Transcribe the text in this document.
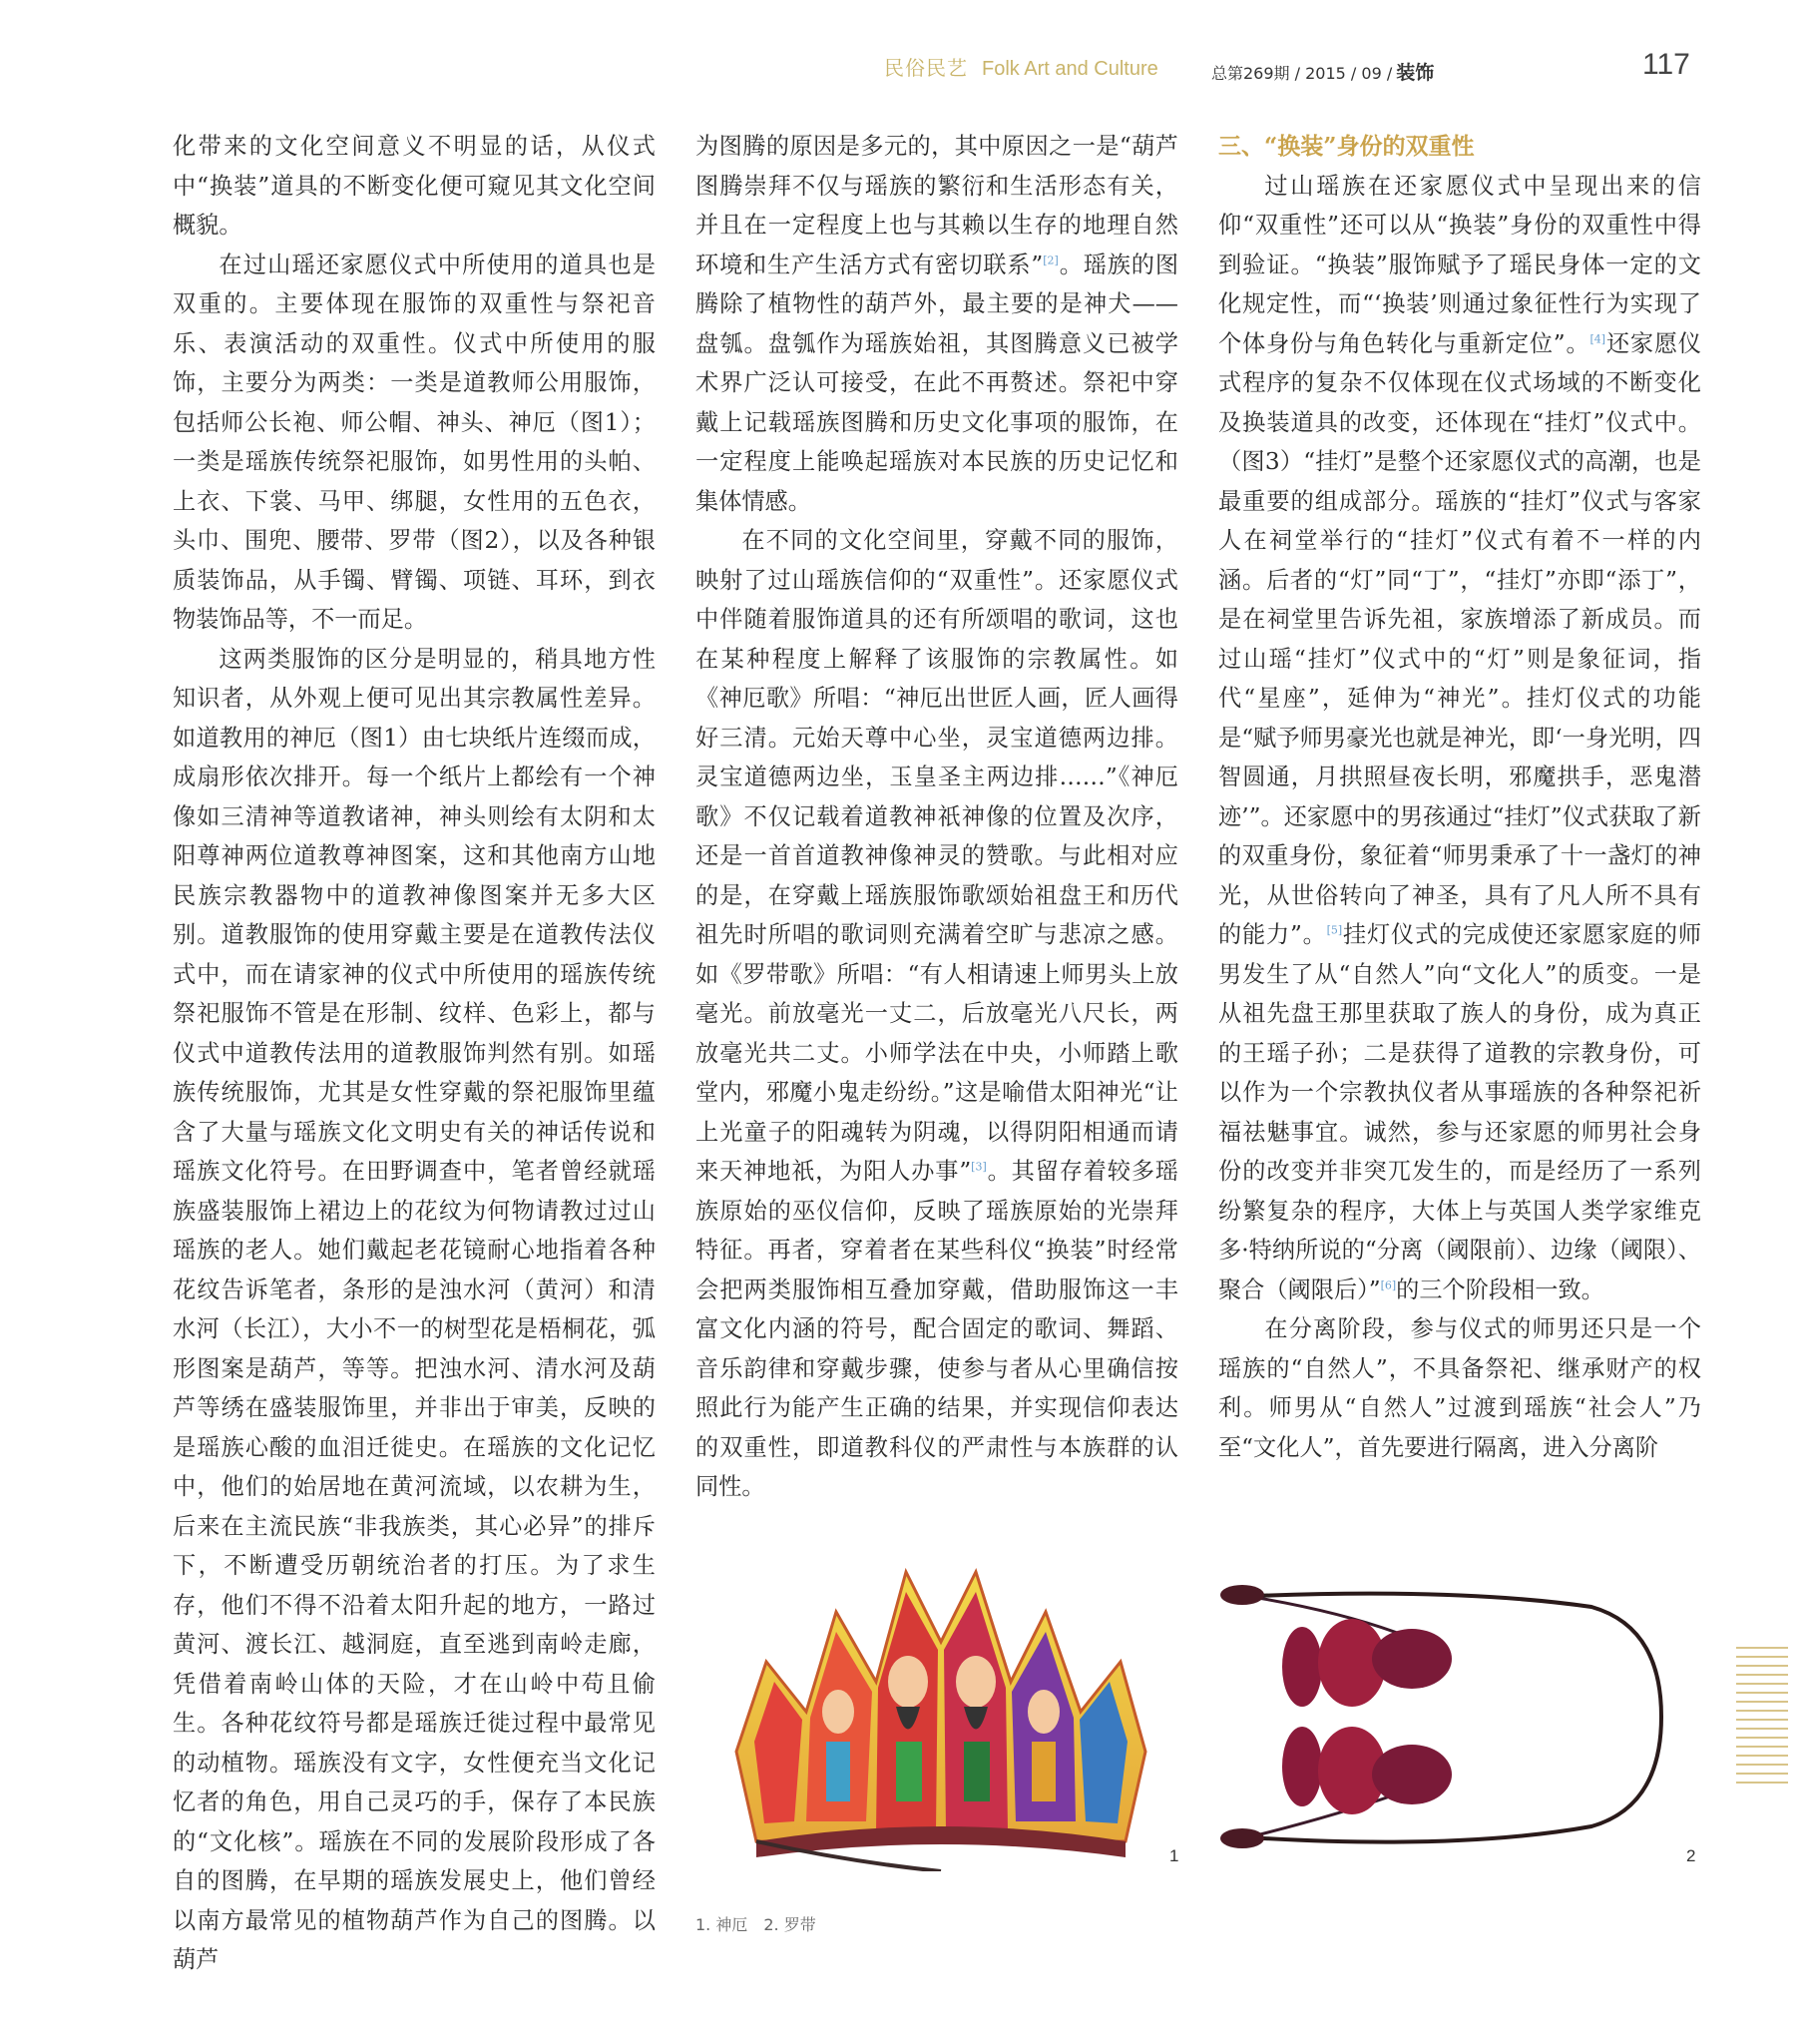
民俗民艺 Folk Art and Culture	总第269期 / 2015 / 09 / 装饰	117

化带来的文化空间意义不明显的话，从仪式中“换装”道具的不断变化便可窥见其文化空间概貌。

在过山瑶还家愿仪式中所使用的道具也是双重的。主要体现在服饰的双重性与祭祀音乐、表演活动的双重性。仪式中所使用的服饰，主要分为两类：一类是道教师公用服饰，包括师公长袍、师公帽、神头、神厄（图1）；一类是瑶族传统祭祀服饰，如男性用的头帕、上衣、下裳、马甲、绑腿，女性用的五色衣，头巾、围兜、腰带、罗带（图2），以及各种银质装饰品，从手镯、臂镯、项链、耳环，到衣物装饰品等，不一而足。

这两类服饰的区分是明显的，稍具地方性知识者，从外观上便可见出其宗教属性差异。如道教用的神厄（图1）由七块纸片连缀而成，成扇形依次排开。每一个纸片上都绘有一个神像如三清神等道教诸神，神头则绘有太阴和太阳尊神两位道教尊神图案，这和其他南方山地民族宗教器物中的道教神像图案并无多大区别。道教服饰的使用穿戴主要是在道教传法仪式中，而在请家神的仪式中所使用的瑶族传统祭祀服饰不管是在形制、纹样、色彩上，都与仪式中道教传法用的道教服饰判然有别。如瑶族传统服饰，尤其是女性穿戴的祭祀服饰里蕴含了大量与瑶族文化文明史有关的神话传说和瑶族文化符号。在田野调查中，笔者曾经就瑶族盛装服饰上裙边上的花纹为何物请教过过山瑶族的老人。她们戴起老花镜耐心地指着各种花纹告诉笔者，条形的是浊水河（黄河）和清水河（长江），大小不一的树型花是梧桐花，弧形图案是葫芦，等等。把浊水河、清水河及葫芦等绣在盛装服饰里，并非出于审美，反映的是瑶族心酸的血泪迁徙史。在瑶族的文化记忆中，他们的始居地在黄河流域，以农耕为生，后来在主流民族“非我族类，其心必异”的排斥下，不断遭受历朝统治者的打压。为了求生存，他们不得不沿着太阳升起的地方，一路过黄河、渡长江、越洞庭，直至逃到南岭走廊，凭借着南岭山体的天险，才在山岭中苟且偷生。各种花纹符号都是瑶族迁徙过程中最常见的动植物。瑶族没有文字，女性便充当文化记忆者的角色，用自己灵巧的手，保存了本民族的“文化核”。瑶族在不同的发展阶段形成了各自的图腾，在早期的瑶族发展史上，他们曾经以南方最常见的植物葫芦作为自己的图腾。以葫芦

为图腾的原因是多元的，其中原因之一是“葫芦图腾崇拜不仅与瑶族的繁衍和生活形态有关，并且在一定程度上也与其赖以生存的地理自然环境和生产生活方式有密切联系”[2]。瑶族的图腾除了植物性的葫芦外，最主要的是神犬——盘瓠。盘瓠作为瑶族始祖，其图腾意义已被学术界广泛认可接受，在此不再赘述。祭祀中穿戴上记载瑶族图腾和历史文化事项的服饰，在一定程度上能唤起瑶族对本民族的历史记忆和集体情感。

在不同的文化空间里，穿戴不同的服饰，映射了过山瑶族信仰的“双重性”。还家愿仪式中伴随着服饰道具的还有所颂唱的歌词，这也在某种程度上解释了该服饰的宗教属性。如《神厄歌》所唱：“神厄出世匠人画，匠人画得好三清。元始天尊中心坐，灵宝道德两边排。灵宝道德两边坐，玉皇圣主两边排……”《神厄歌》不仅记载着道教神祇神像的位置及次序，还是一首首道教神像神灵的赞歌。与此相对应的是，在穿戴上瑶族服饰歌颂始祖盘王和历代祖先时所唱的歌词则充满着空旷与悲凉之感。如《罗带歌》所唱：“有人相请速上师男头上放毫光。前放毫光一丈二，后放毫光八尺长，两放毫光共二丈。小师学法在中央，小师踏上歌堂内，邪魔小鬼走纷纷。”这是喻借太阳神光“让上光童子的阳魂转为阴魂，以得阴阳相通而请来天神地祇，为阳人办事”[3]。其留存着较多瑶族原始的巫仪信仰，反映了瑶族原始的光崇拜特征。再者，穿着者在某些科仪“换装”时经常会把两类服饰相互叠加穿戴，借助服饰这一丰富文化内涵的符号，配合固定的歌词、舞蹈、音乐韵律和穿戴步骤，使参与者从心里确信按照此行为能产生正确的结果，并实现信仰表达的双重性，即道教科仪的严肃性与本族群的认同性。

三、“换装”身份的双重性

过山瑶族在还家愿仪式中呈现出来的信仰“双重性”还可以从“换装”身份的双重性中得到验证。“换装”服饰赋予了瑶民身体一定的文化规定性，而“‘换装’则通过象征性行为实现了个体身份与角色转化与重新定位”。[4]还家愿仪式程序的复杂不仅体现在仪式场域的不断变化及换装道具的改变，还体现在“挂灯”仪式中。（图3）“挂灯”是整个还家愿仪式的高潮，也是最重要的组成部分。瑶族的“挂灯”仪式与客家人在祠堂举行的“挂灯”仪式有着不一样的内涵。后者的“灯”同“丁”，“挂灯”亦即“添丁”，是在祠堂里告诉先祖，家族增添了新成员。而过山瑶“挂灯”仪式中的“灯”则是象征词，指代“星座”，延伸为“神光”。挂灯仪式的功能是“赋予师男豪光也就是神光，即‘一身光明，四智圆通，月拱照昼夜长明，邪魔拱手，恶鬼潜迹’”。还家愿中的男孩通过“挂灯”仪式获取了新的双重身份，象征着“师男秉承了十一盏灯的神光，从世俗转向了神圣，具有了凡人所不具有的能力”。[5]挂灯仪式的完成使还家愿家庭的师男发生了从“自然人”向“文化人”的质变。一是从祖先盘王那里获取了族人的身份，成为真正的王瑶子孙；二是获得了道教的宗教身份，可以作为一个宗教执仪者从事瑶族的各种祭祀祈福祛魅事宜。诚然，参与还家愿的师男社会身份的改变并非突兀发生的，而是经历了一系列纷繁复杂的程序，大体上与英国人类学家维克多·特纳所说的“分离（阈限前）、边缘（阈限）、聚合（阈限后）”[6]的三个阶段相一致。

在分离阶段，参与仪式的师男还只是一个瑶族的“自然人”，不具备祭祀、继承财产的权利。师男从“自然人”过渡到瑶族“社会人”乃至“文化人”，首先要进行隔离，进入分离阶

1	2
1. 神厄　2. 罗带
